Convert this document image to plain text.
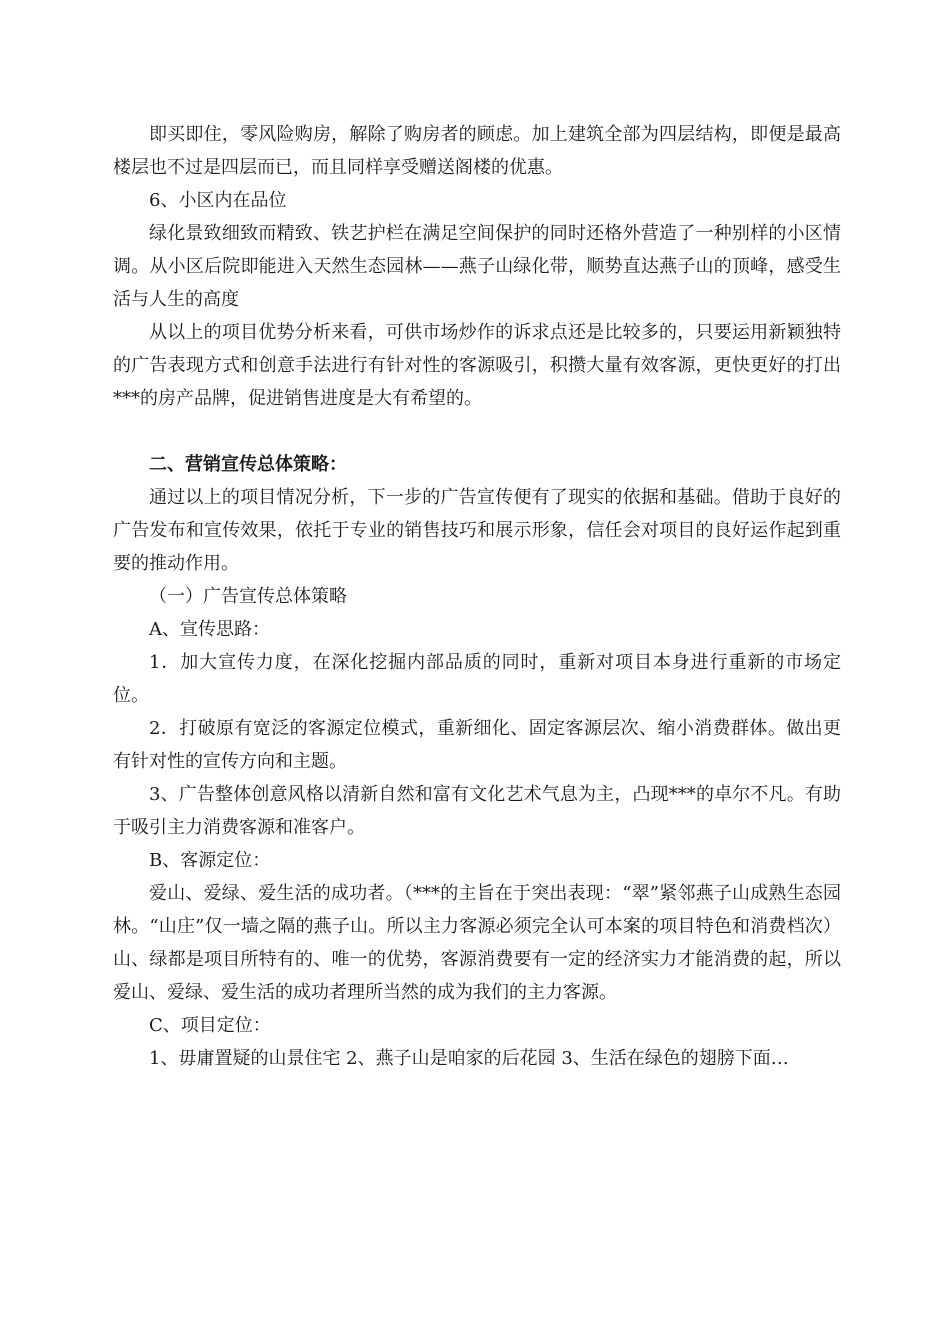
即买即住，零风险购房，解除了购房者的顾虑。加上建筑全部为四层结构，即便是最高楼层也不过是四层而已，而且同样享受赠送阁楼的优惠。

6、小区内在品位

绿化景致细致而精致、铁艺护栏在满足空间保护的同时还格外营造了一种别样的小区情调。从小区后院即能进入天然生态园林——燕子山绿化带，顺势直达燕子山的顶峰，感受生活与人生的高度

从以上的项目优势分析来看，可供市场炒作的诉求点还是比较多的，只要运用新颖独特的广告表现方式和创意手法进行有针对性的客源吸引，积攒大量有效客源，更快更好的打出***的房产品牌，促进销售进度是大有希望的。

二、营销宣传总体策略：

通过以上的项目情况分析，下一步的广告宣传便有了现实的依据和基础。借助于良好的广告发布和宣传效果，依托于专业的销售技巧和展示形象，信任会对项目的良好运作起到重要的推动作用。

（一）广告宣传总体策略

A、宣传思路：

1．加大宣传力度，在深化挖掘内部品质的同时，重新对项目本身进行重新的市场定位。

2．打破原有宽泛的客源定位模式，重新细化、固定客源层次、缩小消费群体。做出更有针对性的宣传方向和主题。

3、广告整体创意风格以清新自然和富有文化艺术气息为主，凸现***的卓尔不凡。有助于吸引主力消费客源和准客户。

B、客源定位：

爱山、爱绿、爱生活的成功者。（***的主旨在于突出表现：“翠”紧邻燕子山成熟生态园林。“山庄”仅一墙之隔的燕子山。所以主力客源必须完全认可本案的项目特色和消费档次）山、绿都是项目所特有的、唯一的优势，客源消费要有一定的经济实力才能消费的起，所以爱山、爱绿、爱生活的成功者理所当然的成为我们的主力客源。

C、项目定位：

1、毋庸置疑的山景住宅 2、燕子山是咱家的后花园 3、生活在绿色的翅膀下面…
